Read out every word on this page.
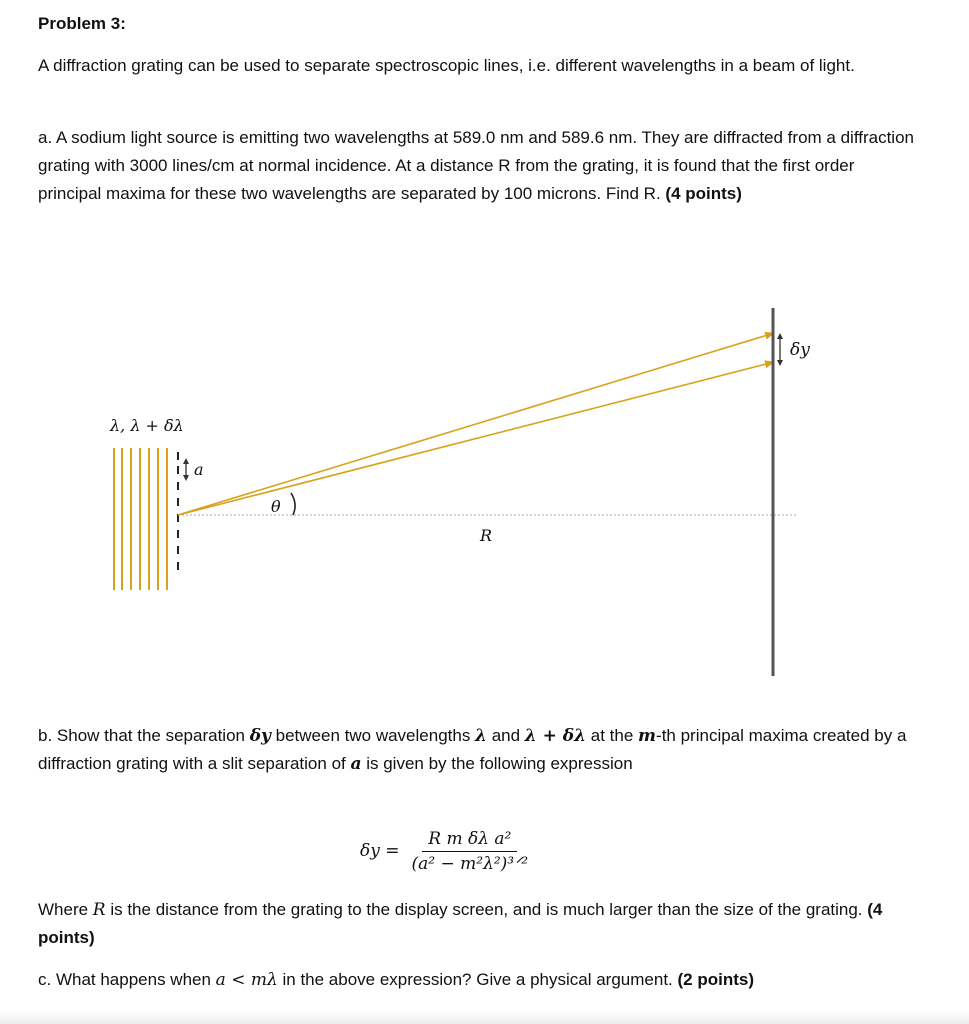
Problem 3:
A diffraction grating can be used to separate spectroscopic lines, i.e. different wavelengths in a beam of light.
a. A sodium light source is emitting two wavelengths at 589.0 nm and 589.6 nm. They are diffracted from a diffraction grating with 3000 lines/cm at normal incidence. At a distance R from the grating, it is found that the first order principal maxima for these two wavelengths are separated by 100 microns. Find R. (4 points)
λ, λ + δλ
a
θ
R
δy
b. Show that the separation δy between two wavelengths λ and λ + δλ at the m-th principal maxima created by a diffraction grating with a slit separation of a is given by the following expression
$\delta y = \frac{\text{R m δλ a²}}{\text{(a² − m²λ²)³ᐟ²}}$
Where R is the distance from the grating to the display screen, and is much larger than the size of the grating. (4 points)
c. What happens when a < mλ in the above expression? Give a physical argument. (2 points)
